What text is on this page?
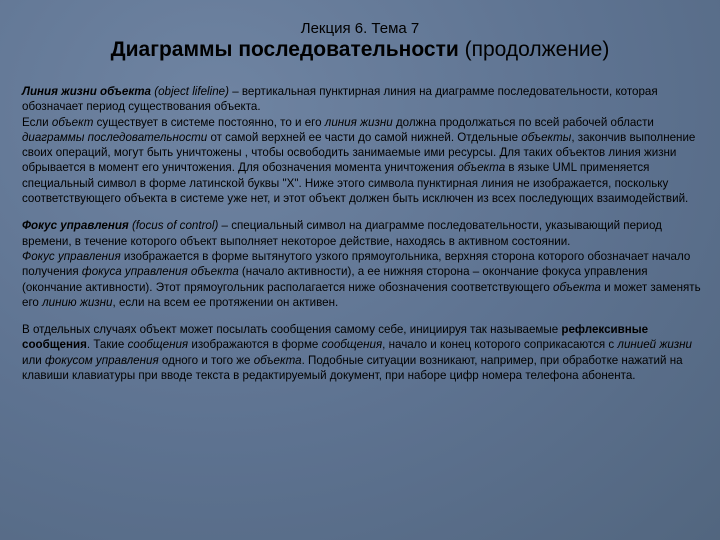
Лекция 6. Тема 7
Диаграммы последовательности (продолжение)

Линия жизни объекта (object lifeline) – вертикальная пунктирная линия на диаграмме последовательности, которая обозначает период существования объекта.

Если объект существует в системе постоянно, то и его линия жизни должна продолжаться по всей рабочей области диаграммы последовательности от самой верхней ее части до самой нижней. Отдельные объекты, закончив выполнение своих операций, могут быть уничтожены , чтобы освободить занимаемые ими ресурсы. Для таких объектов линия жизни обрывается в момент его уничтожения. Для обозначения момента уничтожения объекта в языке UML применяется специальный символ в форме латинской буквы "Х". Ниже этого символа пунктирная линия не изображается, поскольку соответствующего объекта в системе уже нет, и этот объект должен быть исключен из всех последующих взаимодействий.

Фокус управления (focus of control) – специальный символ на диаграмме последовательности, указывающий период времени, в течение которого объект выполняет некоторое действие, находясь в активном состоянии.

Фокус управления изображается в форме вытянутого узкого прямоугольника, верхняя сторона которого обозначает начало получения фокуса управления объекта (начало активности), а ее нижняя сторона – окончание фокуса управления (окончание активности). Этот прямоугольник располагается ниже обозначения соответствующего объекта и может заменять его линию жизни, если на всем ее протяжении он активен.

В отдельных случаях объект может посылать сообщения самому себе, инициируя так называемые рефлексивные сообщения. Такие сообщения изображаются в форме сообщения, начало и конец которого соприкасаются с линией жизни или фокусом управления одного и того же объекта. Подобные ситуации возникают, например, при обработке нажатий на клавиши клавиатуры при вводе текста в редактируемый документ, при наборе цифр номера телефона абонента.
